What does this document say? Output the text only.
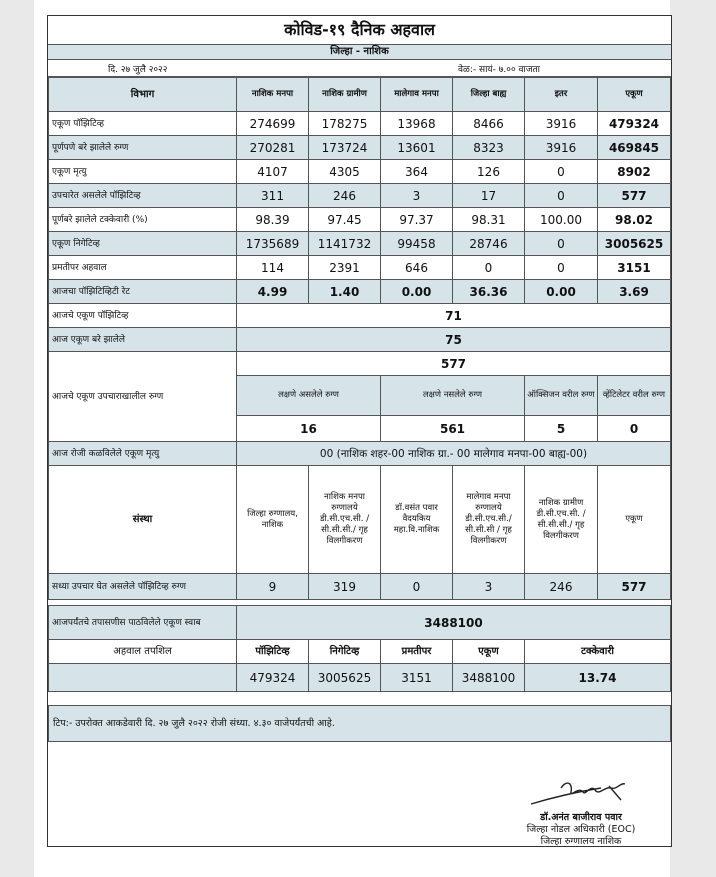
कोविड-१९ दैनिक अहवाल
जिल्हा - नाशिक
दि. २७ जुलै २०२२	वेळ:- सायं- ७.०० वाजता
विभाग	नाशिक मनपा	नाशिक ग्रामीण	मालेगाव मनपा	जिल्हा बाह्य	इतर	एकूण
एकूण पॉझिटिव्ह	274699	178275	13968	8466	3916	479324
पूर्णपणे बरे झालेले रुग्ण	270281	173724	13601	8323	3916	469845
एकूण मृत्यु	4107	4305	364	126	0	8902
उपचारेत असलेले पॉझिटिव्ह	311	246	3	17	0	577
पूर्णबरे झालेले टक्केवारी (%)	98.39	97.45	97.37	98.31	100.00	98.02
एकूण निगेटिव्ह	1735689	1141732	99458	28746	0	3005625
प्रमतीपर अहवाल	114	2391	646	0	0	3151
आजचा पॉझिटिव्हिटी रेट	4.99	1.40	0.00	36.36	0.00	3.69
आजचे एकूण पॉझिटिव्ह	71					
आज एकूण बरे झालेले	75					
आजचे एकूण उपचाराखालील रुग्ण	577					
	लक्षणे असलेले रुग्ण		लक्षणे नसलेले रुग्ण		ऑक्सिजन वरील रुग्ण	व्हेंटिलेटर वरील रुग्ण
	16		561		5	0
आज रोजी कळविलेले एकूण मृत्यु	00 (नाशिक शहर-00 नाशिक ग्रा.- 00 मालेगाव मनपा-00 बाह्य-00)					
संस्था	जिल्हा रुग्णालय, नाशिक	नाशिक मनपा रुग्णालये डी.सी.एच.सी. / सी.सी.सी./ गृह विलगीकरण	डॉ.वसंत पवार वैदयकिय महा.वि.नाशिक	मालेगाव मनपा रुग्णालये डी.सी.एच.सी./ सी.सी.सी / गृह विलगीकरण	नाशिक ग्रामीण डी.सी.एच.सी. /सी.सी.सी./ गृह विलगीकरण	एकूण
सध्या उपचार घेत असलेले पॉझिटिव्ह रुग्ण	9	319	0	3	246	577

आजपर्यंतचे तपासणीस पाठविलेले एकूण स्वाब	3488100					
अहवाल तपशिल	पॉझिटिव्ह	निगेटिव्ह	प्रमतीपर	एकूण	टक्केवारी	
	479324	3005625	3151	3488100	13.74	

टिप:- उपरोक्त आकडेवारी दि. २७ जुलै २०२२ रोजी संध्या. ४.३० वाजेपर्यंतची आहे.						
डॉ.अनंत बाजीराव पवार
जिल्हा नोडल अधिकारी (EOC)
जिल्हा रुग्णालय नाशिक
